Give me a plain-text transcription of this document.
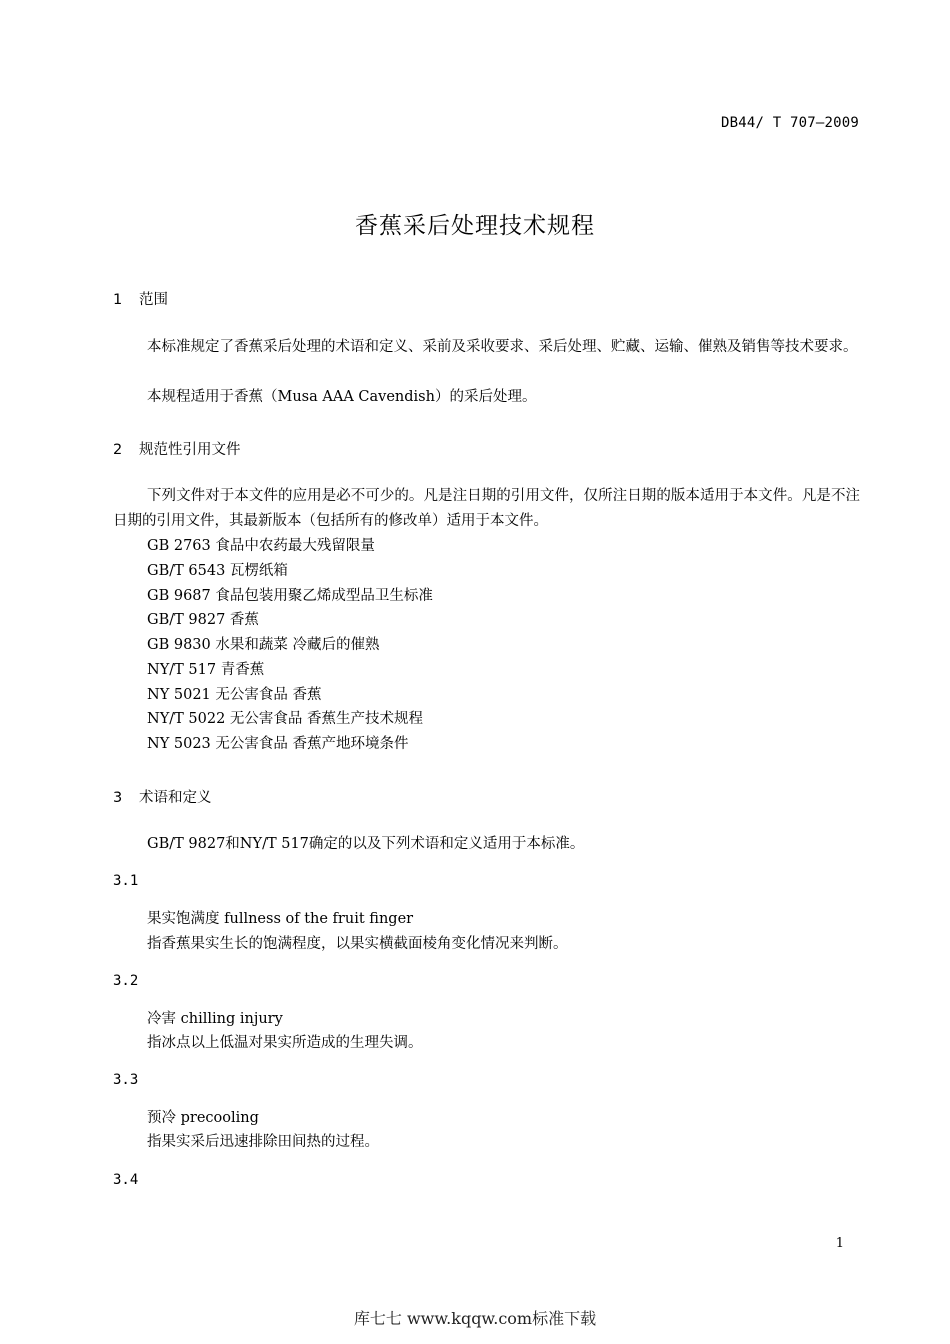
DB44/ T 707—2009
香蕉采后处理技术规程
1 范围
本标准规定了香蕉采后处理的术语和定义、采前及采收要求、采后处理、贮藏、运输、催熟及销售等技术要求。
本规程适用于香蕉（Musa AAA Cavendish）的采后处理。
2 规范性引用文件
下列文件对于本文件的应用是必不可少的。凡是注日期的引用文件，仅所注日期的版本适用于本文件。凡是不注日期的引用文件，其最新版本（包括所有的修改单）适用于本文件。
GB 2763 食品中农药最大残留限量
GB/T 6543 瓦楞纸箱
GB 9687 食品包装用聚乙烯成型品卫生标准
GB/T 9827 香蕉
GB 9830 水果和蔬菜 冷藏后的催熟
NY/T 517 青香蕉
NY 5021 无公害食品 香蕉
NY/T 5022 无公害食品 香蕉生产技术规程
NY 5023 无公害食品 香蕉产地环境条件
3 术语和定义
GB/T 9827和NY/T 517确定的以及下列术语和定义适用于本标准。
3.1
果实饱满度 fullness of the fruit finger
指香蕉果实生长的饱满程度，以果实横截面棱角变化情况来判断。
3.2
冷害 chilling injury
指冰点以上低温对果实所造成的生理失调。
3.3
预冷 precooling
指果实采后迅速排除田间热的过程。
3.4
1
库七七 www.kqqw.com标准下载
